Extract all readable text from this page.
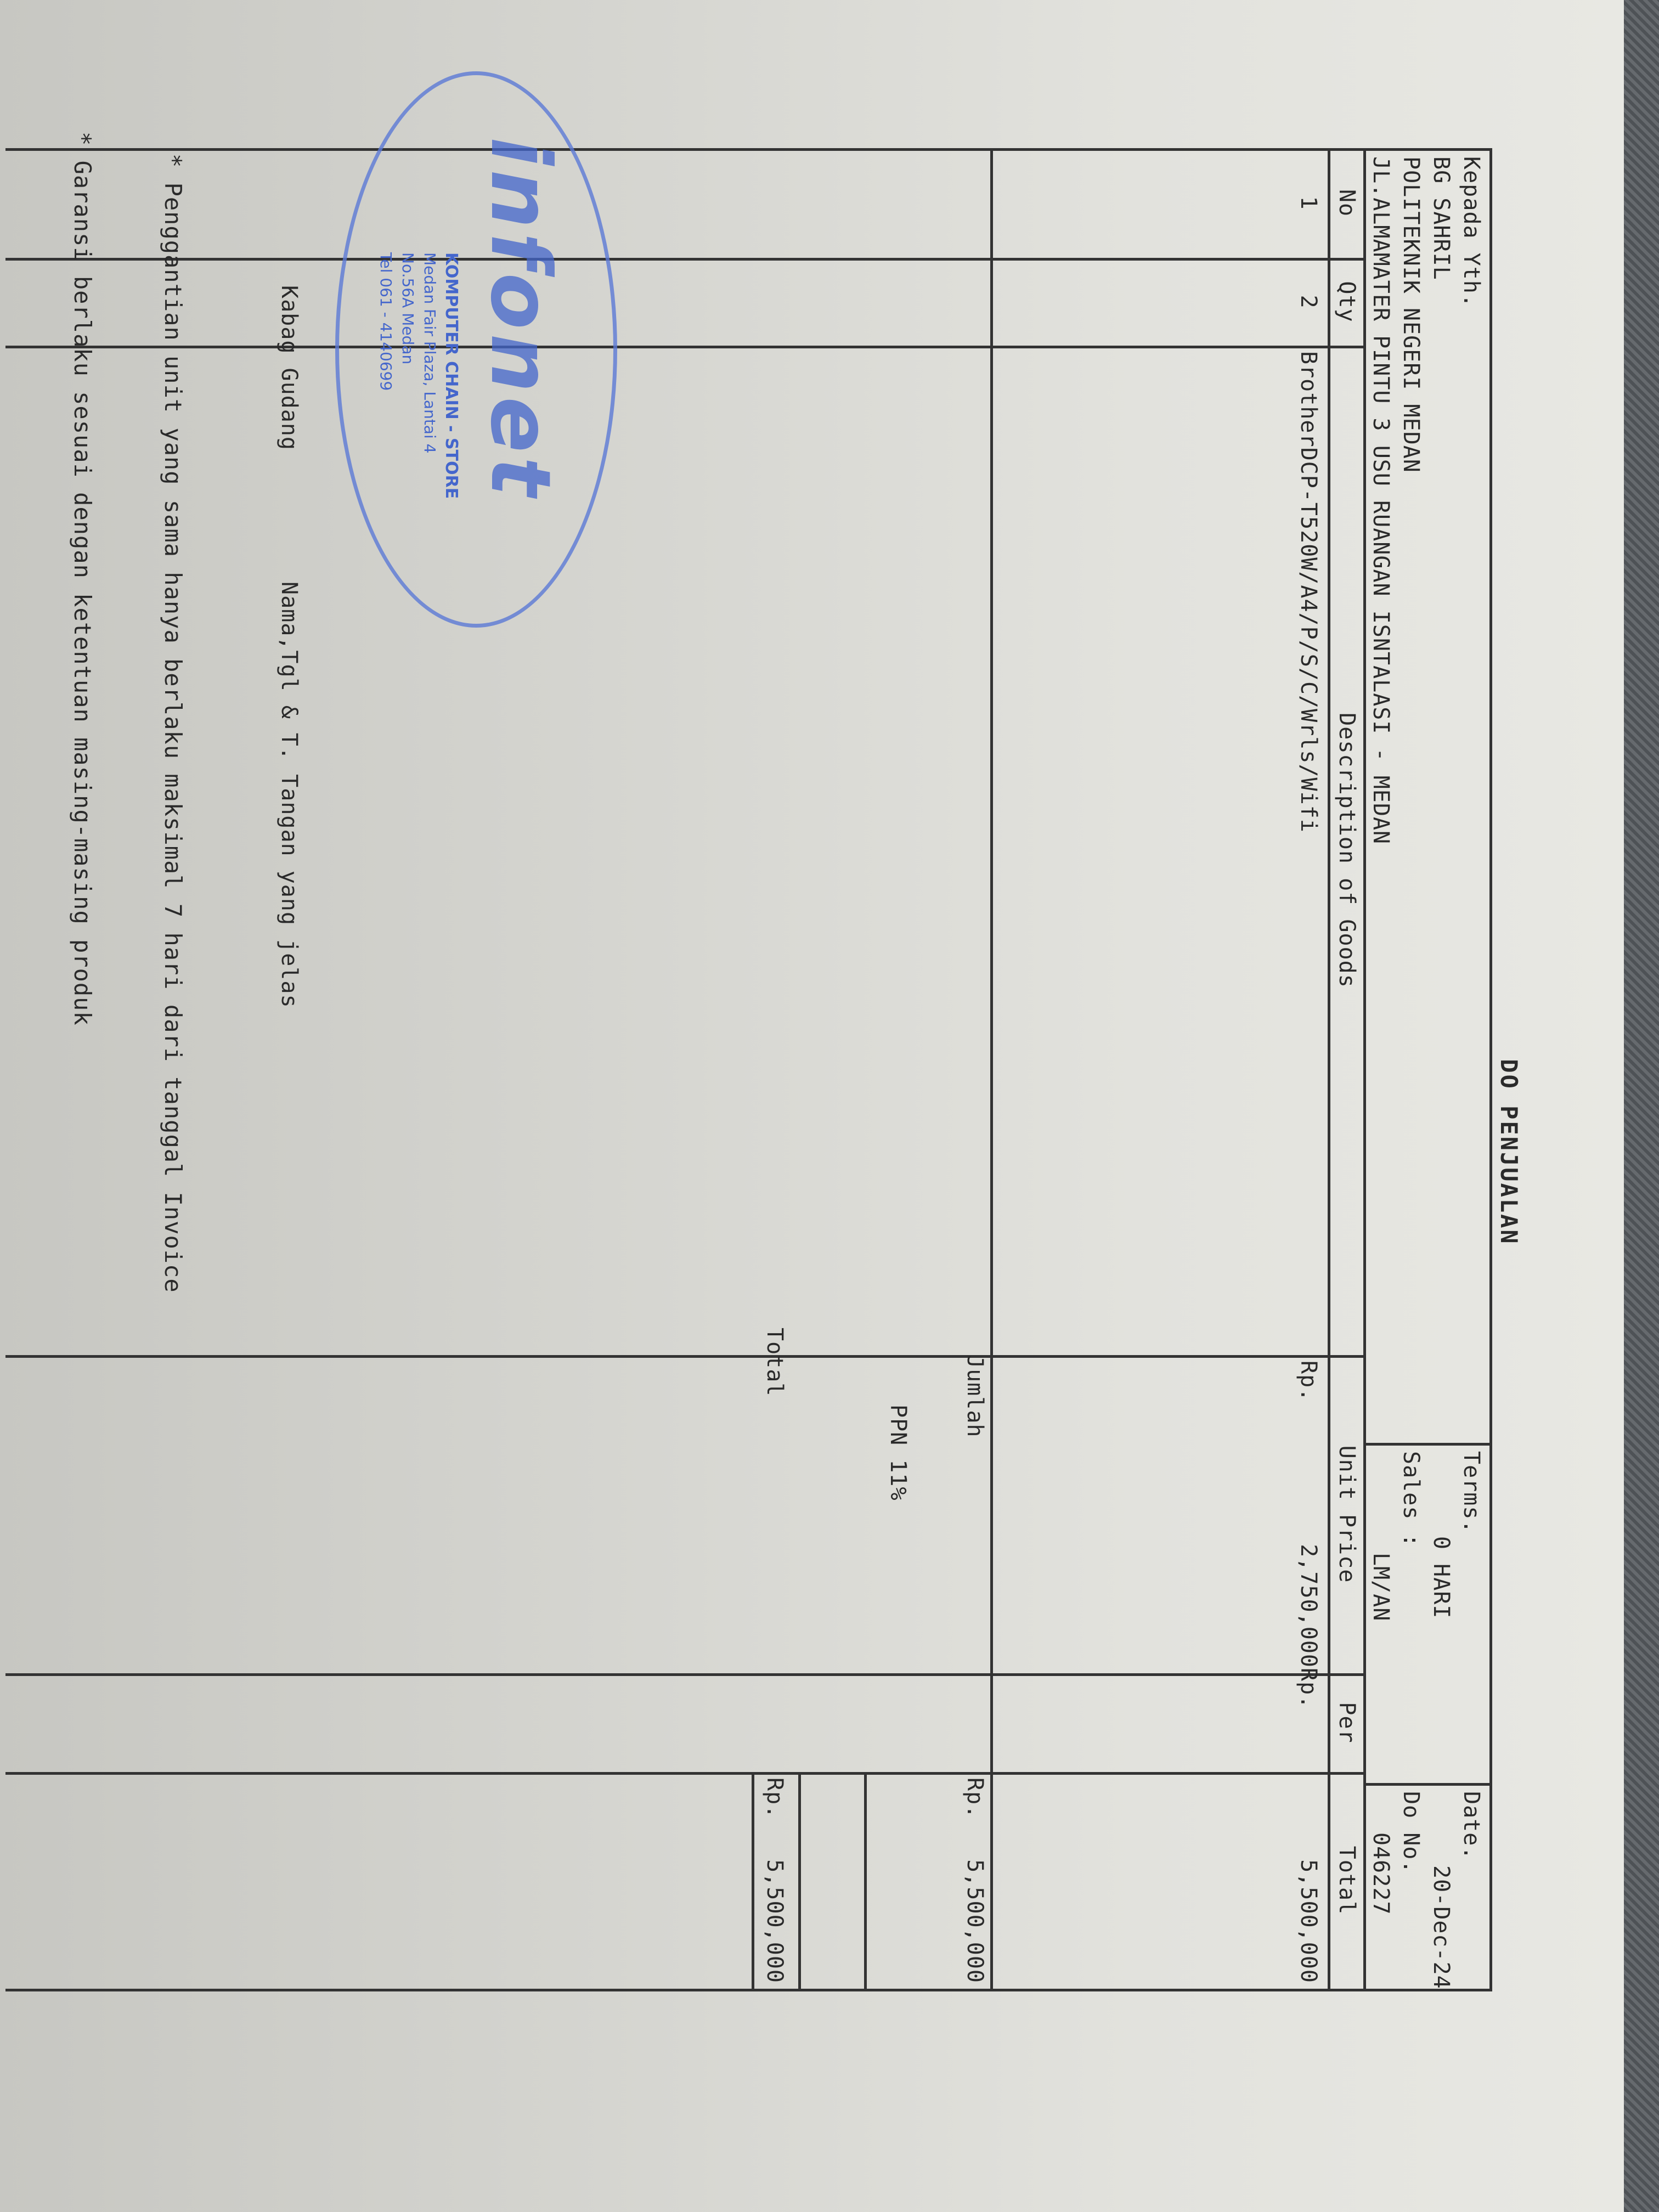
DO PENJUALAN
Kepada Yth.
BG SAHRIL
POLITEKNIK NEGERI MEDAN
JL.ALMAMATER PINTU 3 USU RUANGAN ISNTALASI - MEDAN
Terms.
0 HARI
Sales :
LM/AN
Date.
20-Dec-24
Do No.
046227
No
Qty
Description of Goods
Unit Price
Per
Total
1
2
BrotherDCP-T520W/A4/P/S/C/Wrls/Wifi
Rp.
2,750,000
Rp.
5,500,000
Jumlah
Rp.
5,500,000
PPN 11%
Total
Rp.
5,500,000
Kabag Gudang
Nama,Tgl & T. Tangan yang jelas
* Penggantian unit yang sama hanya berlaku maksimal 7 hari dari tanggal Invoice
* Garansi berlaku sesuai dengan ketentuan masing-masing produk	infonet
KOMPUTER CHAIN - STORE
Medan Fair Plaza, Lantai 4
No.56A Medan
Tel 061 - 4140699
